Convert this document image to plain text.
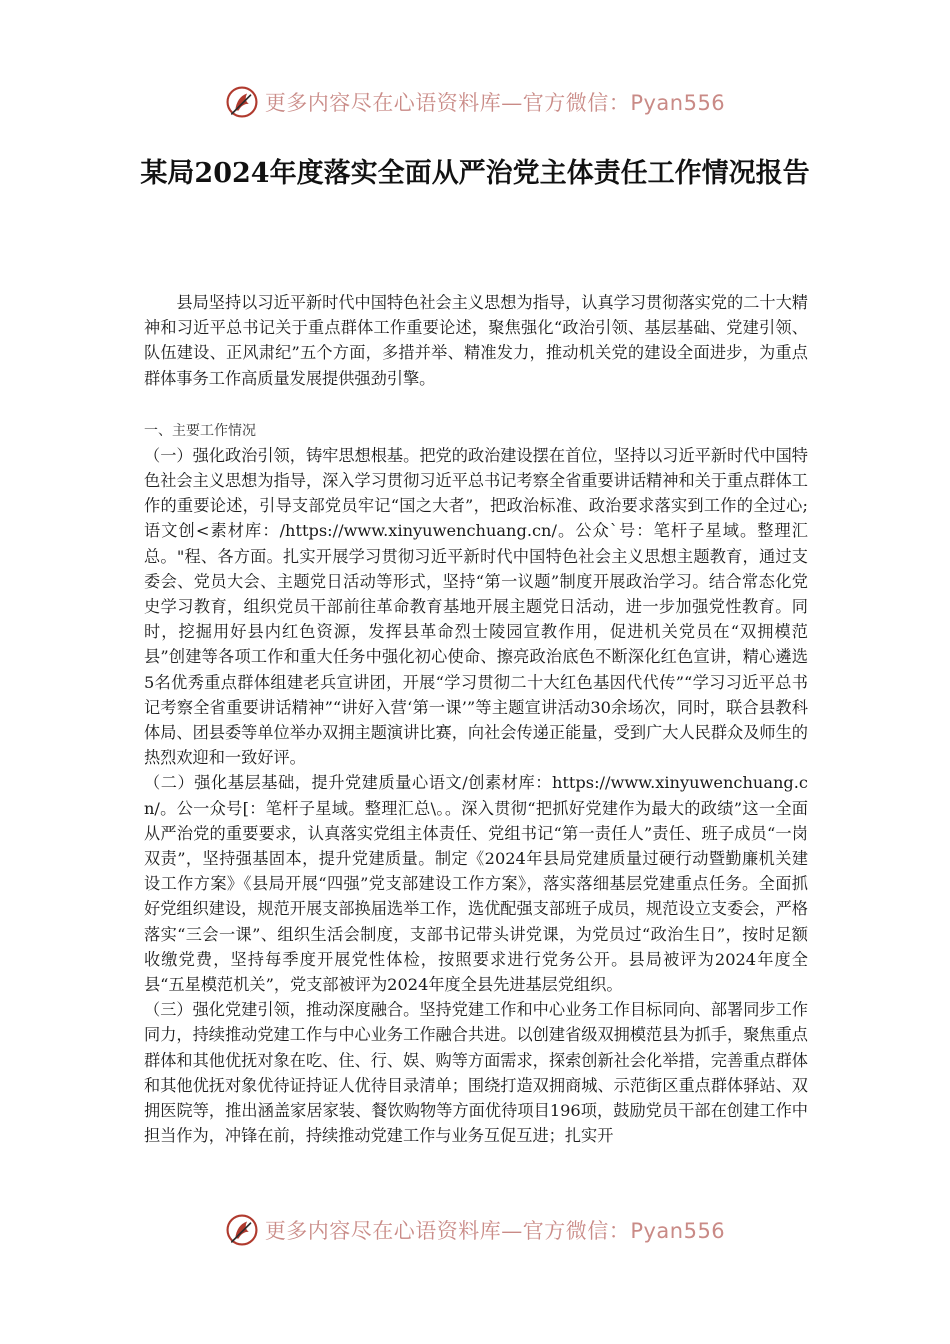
更多内容尽在心语资料库—官方微信：Pyan556
某局2024年度落实全面从严治党主体责任工作情况报告

县局坚持以习近平新时代中国特色社会主义思想为指导，认真学习贯彻落实党的二十大精神和习近平总书记关于重点群体工作重要论述，聚焦强化“政治引领、基层基础、党建引领、队伍建设、正风肃纪”五个方面，多措并举、精准发力，推动机关党的建设全面进步，为重点群体事务工作高质量发展提供强劲引擎。

一、主要工作情况

（一）强化政治引领，铸牢思想根基。把党的政治建设摆在首位，坚持以习近平新时代中国特色社会主义思想为指导，深入学习贯彻习近平总书记考察全省重要讲话精神和关于重点群体工作的重要论述，引导支部党员牢记“国之大者”，把政治标准、政治要求落实到工作的全过心;语文创<素材库：/https://www.xinyuwenchuang.cn/。公众`号：笔杆子星域。整理汇总。"程、各方面。扎实开展学习贯彻习近平新时代中国特色社会主义思想主题教育，通过支委会、党员大会、主题党日活动等形式，坚持“第一议题”制度开展政治学习。结合常态化党史学习教育，组织党员干部前往革命教育基地开展主题党日活动，进一步加强党性教育。同时，挖掘用好县内红色资源，发挥县革命烈士陵园宣教作用，促进机关党员在“双拥模范县”创建等各项工作和重大任务中强化初心使命、擦亮政治底色不断深化红色宣讲，精心遴选5名优秀重点群体组建老兵宣讲团，开展“学习贯彻二十大红色基因代代传”“学习习近平总书记考察全省重要讲话精神”“讲好入营‘第一课’”等主题宣讲活动30余场次，同时，联合县教科体局、团县委等单位举办双拥主题演讲比赛，向社会传递正能量，受到广大人民群众及师生的热烈欢迎和一致好评。

（二）强化基层基础，提升党建质量心语文/创素材库：https://www.xinyuwenchuang.cn/。公一众号[：笔杆子星域。整理汇总\。。深入贯彻“把抓好党建作为最大的政绩”这一全面从严治党的重要要求，认真落实党组主体责任、党组书记“第一责任人”责任、班子成员“一岗双责”，坚持强基固本，提升党建质量。制定《2024年县局党建质量过硬行动暨勤廉机关建设工作方案》《县局开展“四强”党支部建设工作方案》，落实落细基层党建重点任务。全面抓好党组织建设，规范开展支部换届选举工作，选优配强支部班子成员，规范设立支委会，严格落实“三会一课”、组织生活会制度，支部书记带头讲党课，为党员过“政治生日”，按时足额收缴党费，坚持每季度开展党性体检，按照要求进行党务公开。县局被评为2024年度全县“五星模范机关”，党支部被评为2024年度全县先进基层党组织。

（三）强化党建引领，推动深度融合。坚持党建工作和中心业务工作目标同向、部署同步工作同力，持续推动党建工作与中心业务工作融合共进。以创建省级双拥模范县为抓手，聚焦重点群体和其他优抚对象在吃、住、行、娱、购等方面需求，探索创新社会化举措，完善重点群体和其他优抚对象优待证持证人优待目录清单；围绕打造双拥商城、示范街区重点群体驿站、双拥医院等，推出涵盖家居家装、餐饮购物等方面优待项目196项，鼓励党员干部在创建工作中担当作为，冲锋在前，持续推动党建工作与业务互促互进；扎实开

更多内容尽在心语资料库—官方微信：Pyan556
